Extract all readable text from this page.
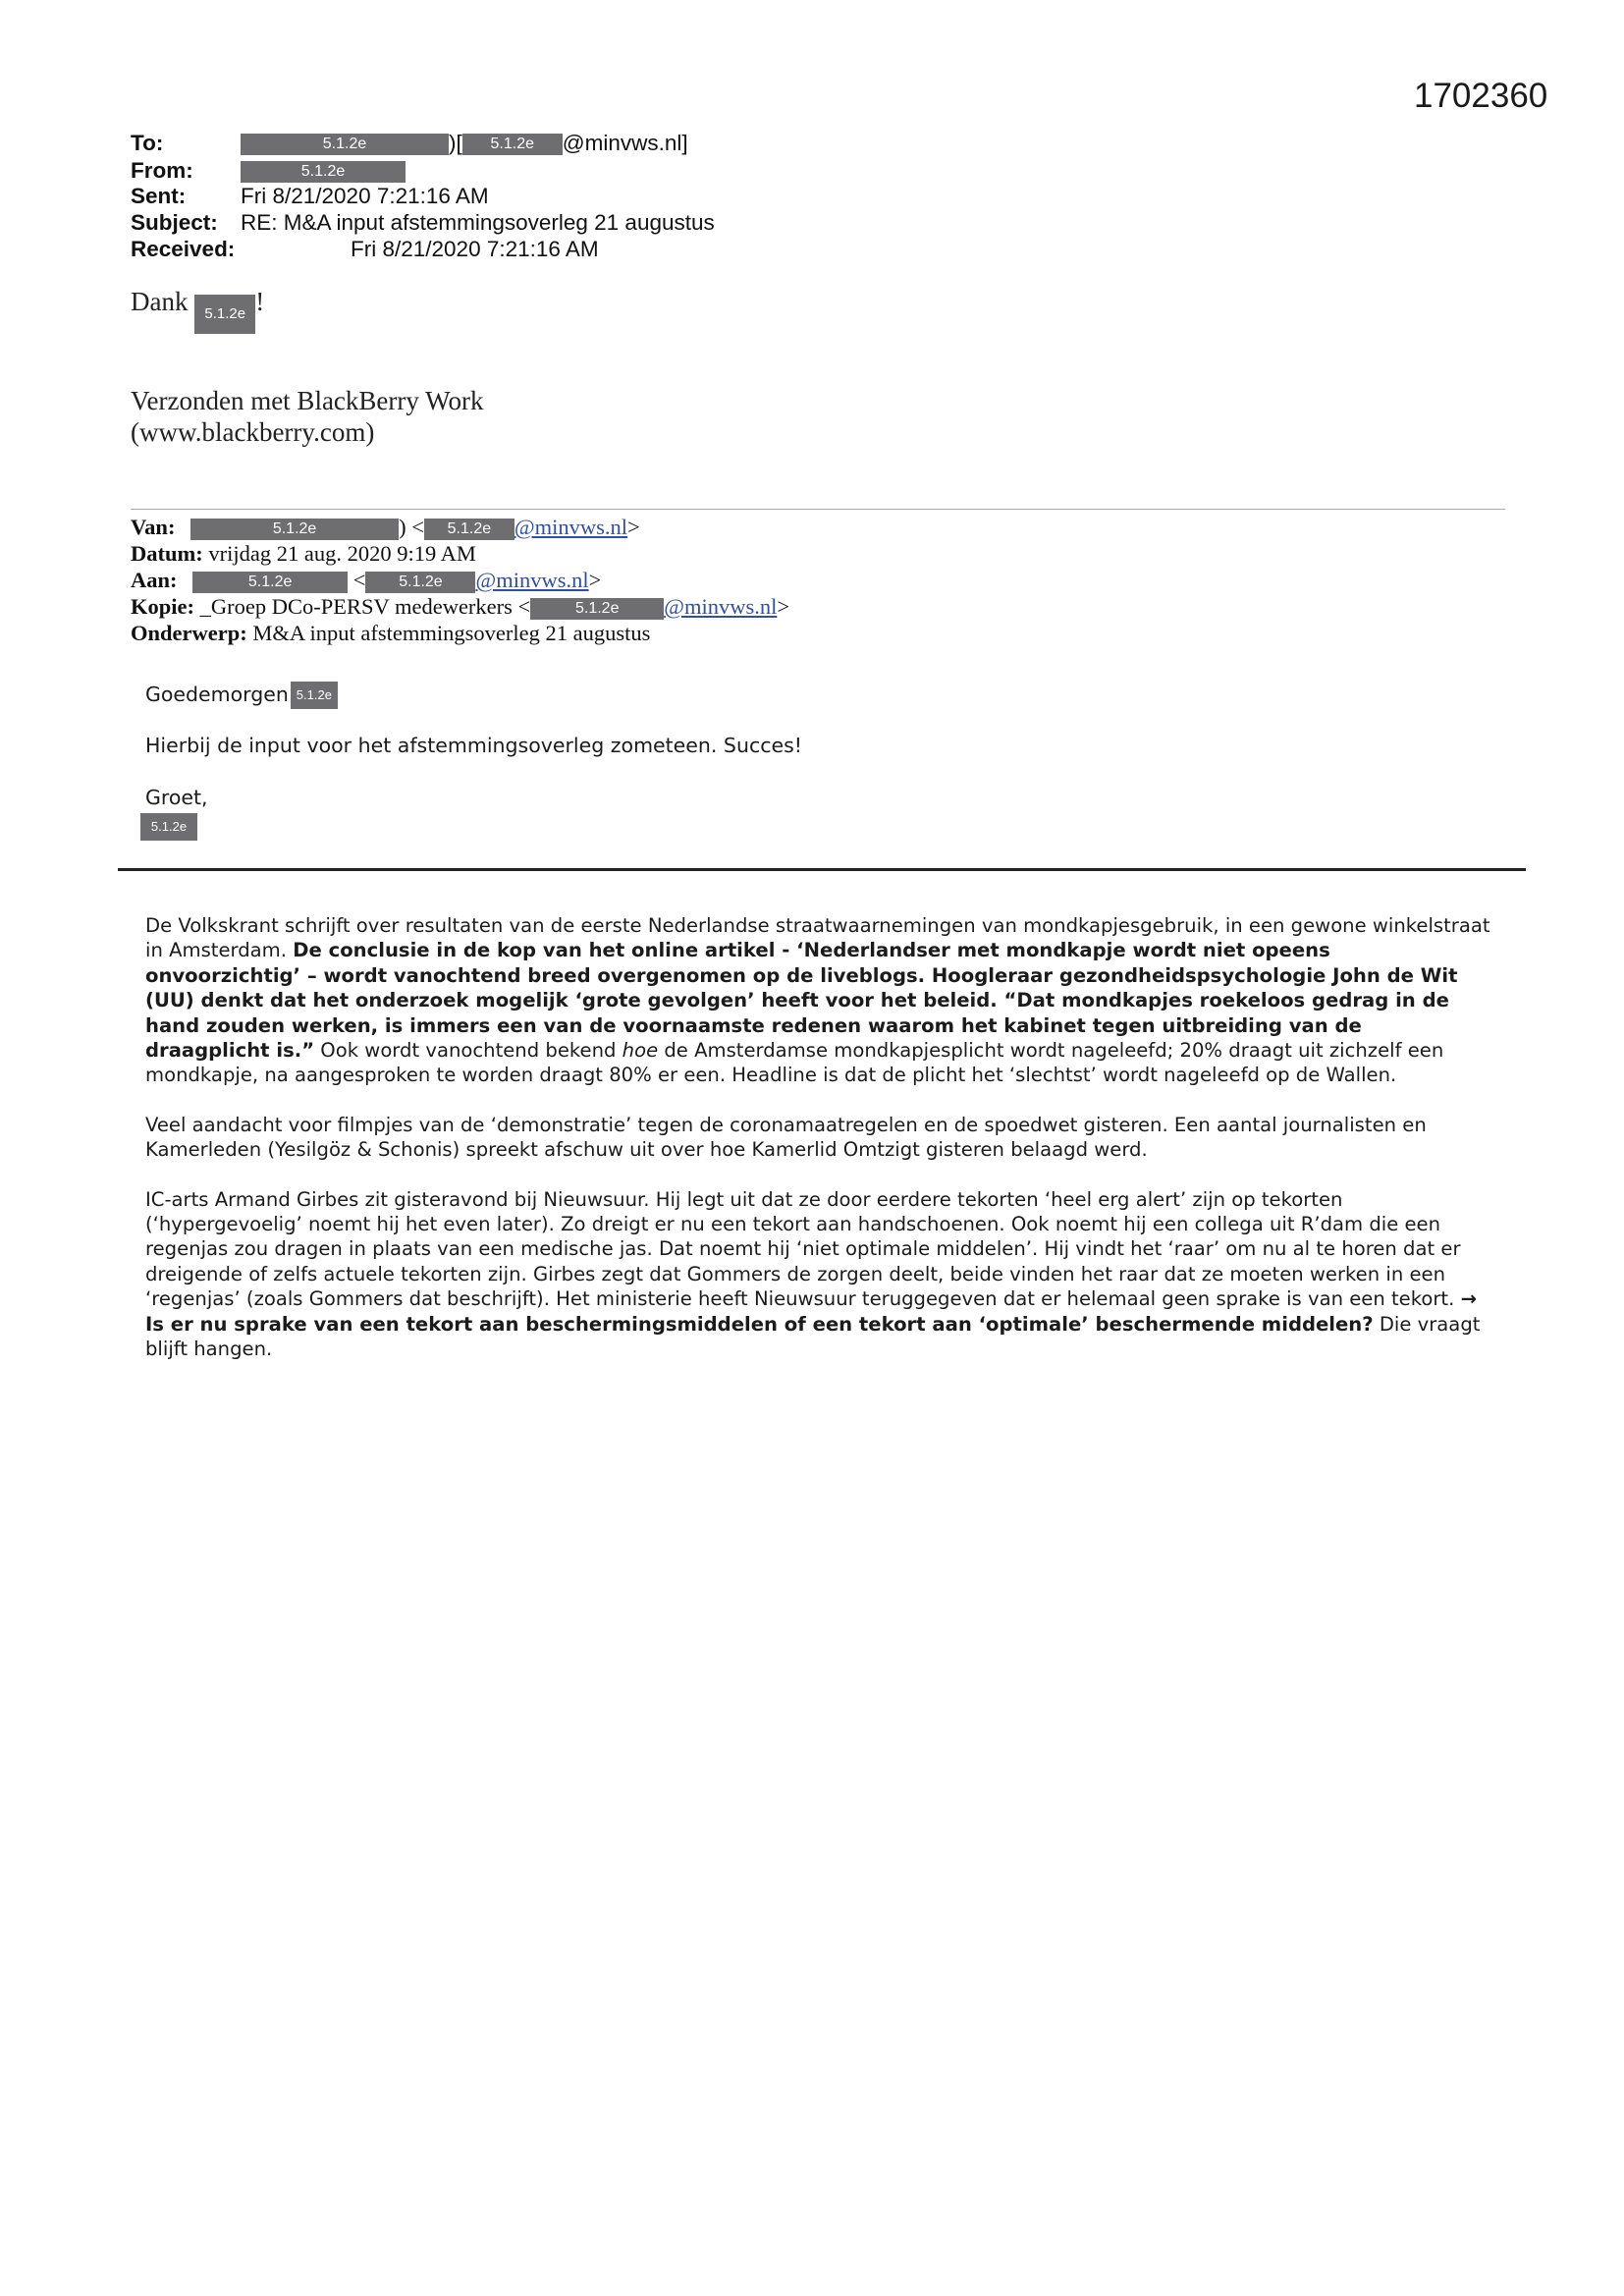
1702360
To:	5.1.2e	)[ 5.1.2e @minvws.nl]
From:	5.1.2e
Sent: Fri 8/21/2020 7:21:16 AM
Subject: RE: M&A input afstemmingsoverleg 21 augustus
Received:	Fri 8/21/2020 7:21:16 AM
Dank 5.1.2e !
Verzonden met BlackBerry Work
(www.blackberry.com)
Van:	5.1.2e	) < 5.1.2e @minvws.nl>
Datum: vrijdag 21 aug. 2020 9:19 AM
Aan:	5.1.2e	< 5.1.2e @minvws.nl>
Kopie: _Groep DCo-PERSV medewerkers <	5.1.2e @minvws.nl>
Onderwerp: M&A input afstemmingsoverleg 21 augustus
Goedemorgen 5.1.2e
Hierbij de input voor het afstemmingsoverleg zometeen. Succes!
Groet,
5.1.2e

De Volkskrant schrijft over resultaten van de eerste Nederlandse straatwaarnemingen van mondkapjesgebruik, in een gewone winkelstraat in Amsterdam. De conclusie in de kop van het online artikel - ‘Nederlandser met mondkapje wordt niet opeens onvoorzichtig’ – wordt vanochtend breed overgenomen op de liveblogs. Hoogleraar gezondheidspsychologie John de Wit (UU) denkt dat het onderzoek mogelijk ‘grote gevolgen’ heeft voor het beleid. “Dat mondkapjes roekeloos gedrag in de hand zouden werken, is immers een van de voornaamste redenen waarom het kabinet tegen uitbreiding van de draagplicht is.” Ook wordt vanochtend bekend hoe de Amsterdamse mondkapjesplicht wordt nageleefd; 20% draagt uit zichzelf een mondkapje, na aangesproken te worden draagt 80% er een. Headline is dat de plicht het ‘slechtst’ wordt nageleefd op de Wallen.

Veel aandacht voor filmpjes van de ‘demonstratie’ tegen de coronamaatregelen en de spoedwet gisteren. Een aantal journalisten en Kamerleden (Yesilgöz & Schonis) spreekt afschuw uit over hoe Kamerlid Omtzigt gisteren belaagd werd.

IC-arts Armand Girbes zit gisteravond bij Nieuwsuur. Hij legt uit dat ze door eerdere tekorten ‘heel erg alert’ zijn op tekorten (‘hypergevoelig’ noemt hij het even later). Zo dreigt er nu een tekort aan handschoenen. Ook noemt hij een collega uit R’dam die een regenjas zou dragen in plaats van een medische jas. Dat noemt hij ‘niet optimale middelen’. Hij vindt het ‘raar’ om nu al te horen dat er dreigende of zelfs actuele tekorten zijn. Girbes zegt dat Gommers de zorgen deelt, beide vinden het raar dat ze moeten werken in een ‘regenjas’ (zoals Gommers dat beschrijft). Het ministerie heeft Nieuwsuur teruggegeven dat er helemaal geen sprake is van een tekort. → Is er nu sprake van een tekort aan beschermingsmiddelen of een tekort aan ‘optimale’ beschermende middelen? Die vraagt blijft hangen.
